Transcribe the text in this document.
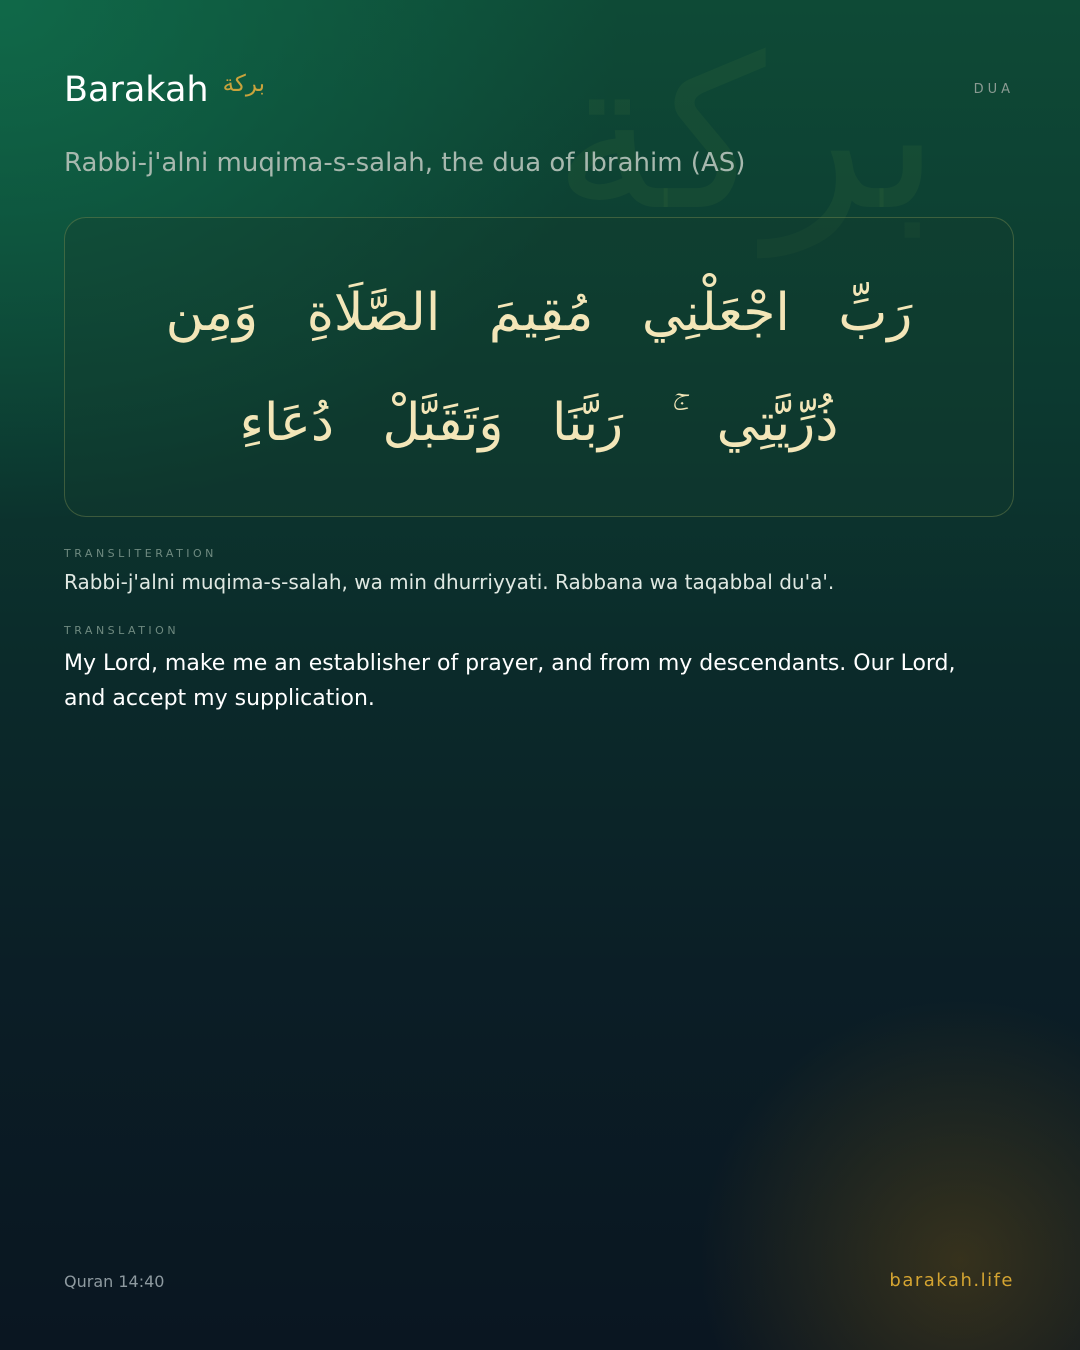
بركة
Barakah بركة	DUA
Rabbi-j'alni muqima-s-salah, the dua of Ibrahim (AS)
رَبِّ اجْعَلْنِي مُقِيمَ الصَّلَاةِ وَمِن ذُرِّيَّتِي ۚ رَبَّنَا وَتَقَبَّلْ دُعَاءِ
TRANSLITERATION
Rabbi-j'alni muqima-s-salah, wa min dhurriyyati. Rabbana wa taqabbal du'a'.
TRANSLATION
My Lord, make me an establisher of prayer, and from my descendants. Our Lord, and accept my supplication.
Quran 14:40	barakah.life
